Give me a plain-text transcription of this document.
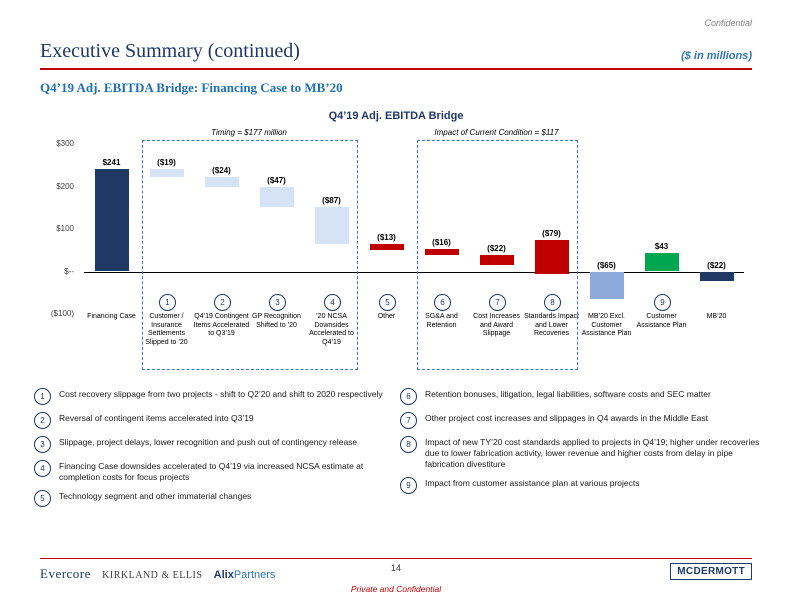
Confidential
Executive Summary (continued)	($ in millions)
Q4’19 Adj. EBITDA Bridge: Financing Case to MB’20
Q4’19 Adj. EBITDA Bridge
$300
$200
$100
$--
($100)
$241
Financing Case
($19)
1
Customer / Insurance Settlements Slipped to ’20
($24)
2
Q4’19 Contingent Items Accelerated to Q3’19
($47)
3
GP Recognition Shifted to ’20
($87)
4
’20 NCSA Downsides Accelerated to Q4’19
($13)
5
Other
($16)
6
SG&A and Retention
($22)
7
Cost Increases and Award Slippage
($79)
8
Standards Impact and Lower Recoveries
($65)
MB’20 Excl. Customer Assistance Plan
$43
9
Customer Assistance Plan
($22)
MB’20
Timing = $177 million	Impact of Current Condition = $117
1	Cost recovery slippage from two projects - shift to Q2’20 and shift to 2020 respectively
2	Reversal of contingent items accelerated into Q3’19
3	Slippage, project delays, lower recognition and push out of contingency release
4	Financing Case downsides accelerated to Q4’19 via increased NCSA estimate at completion costs for focus projects
5	Technology segment and other immaterial changes
6	Retention bonuses, litigation, legal liabilities, software costs and SEC matter
7	Other project cost increases and slippages in Q4 awards in the Middle East
8	Impact of new TY’20 cost standards applied to projects in Q4’19; higher under recoveries due to lower fabrication activity, lower revenue and higher costs from delay in pipe fabrication divestiture
9	Impact from customer assistance plan at various projects
Evercore KIRKLAND & ELLIS AlixPartners
14
Private and Confidential
MCDERMOTT
